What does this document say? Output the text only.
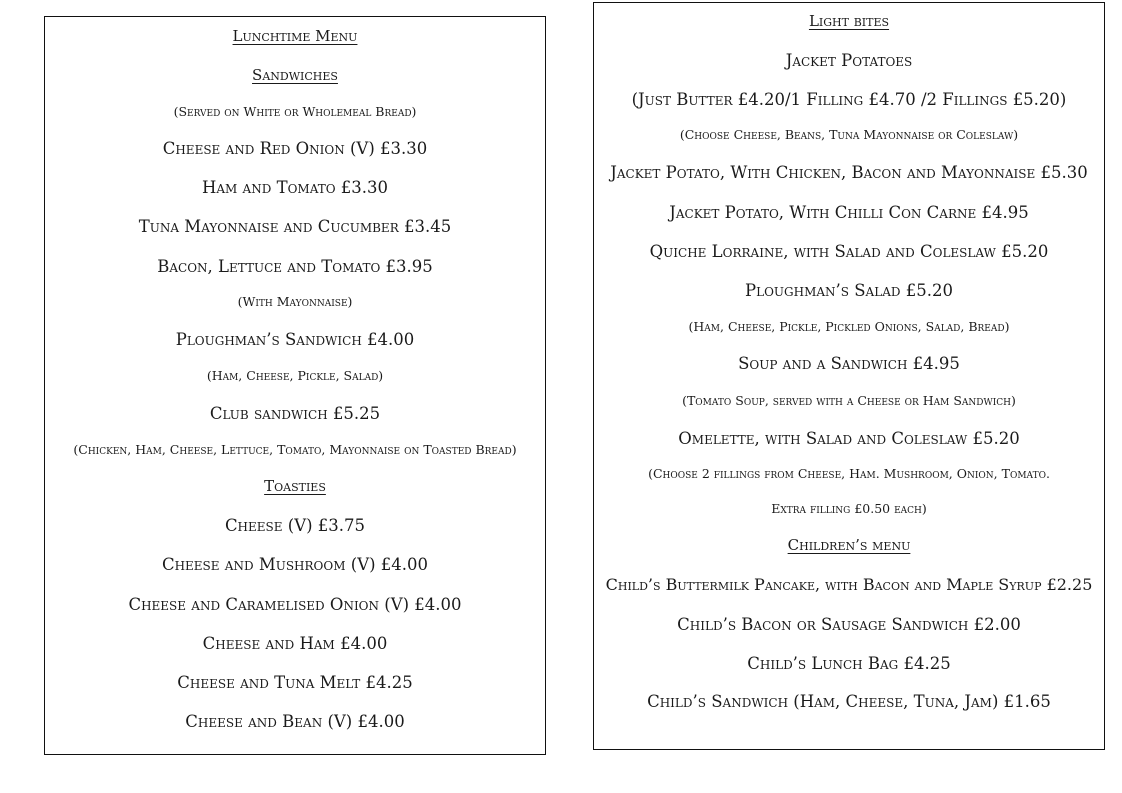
Lunchtime Menu
Sandwiches
(Served on White or Wholemeal Bread)
Cheese and Red Onion (V) £3.30
Ham and Tomato £3.30
Tuna Mayonnaise and Cucumber £3.45
Bacon, Lettuce and Tomato £3.95
(With Mayonnaise)
Ploughman’s Sandwich £4.00
(Ham, Cheese, Pickle, Salad)
Club sandwich £5.25
(Chicken, Ham, Cheese, Lettuce, Tomato, Mayonnaise on Toasted Bread)
Toasties
Cheese (V) £3.75
Cheese and Mushroom (V) £4.00
Cheese and Caramelised Onion (V) £4.00
Cheese and Ham £4.00
Cheese and Tuna Melt £4.25
Cheese and Bean (V) £4.00
Light bites
Jacket Potatoes
(Just Butter £4.20/1 Filling £4.70 /2 Fillings £5.20)
(Choose Cheese, Beans, Tuna Mayonnaise or Coleslaw)
Jacket Potato, With Chicken, Bacon and Mayonnaise £5.30
Jacket Potato, With Chilli Con Carne £4.95
Quiche Lorraine, with Salad and Coleslaw £5.20
Ploughman’s Salad £5.20
(Ham, Cheese, Pickle, Pickled Onions, Salad, Bread)
Soup and a Sandwich £4.95
(Tomato Soup, served with a Cheese or Ham Sandwich)
Omelette, with Salad and Coleslaw £5.20
(Choose 2 fillings from Cheese, Ham. Mushroom, Onion, Tomato.
Extra filling £0.50 each)
Children’s menu
Child’s Buttermilk Pancake, with Bacon and Maple Syrup £2.25
Child’s Bacon or Sausage Sandwich £2.00
Child’s Lunch Bag £4.25
Child’s Sandwich (Ham, Cheese, Tuna, Jam) £1.65
